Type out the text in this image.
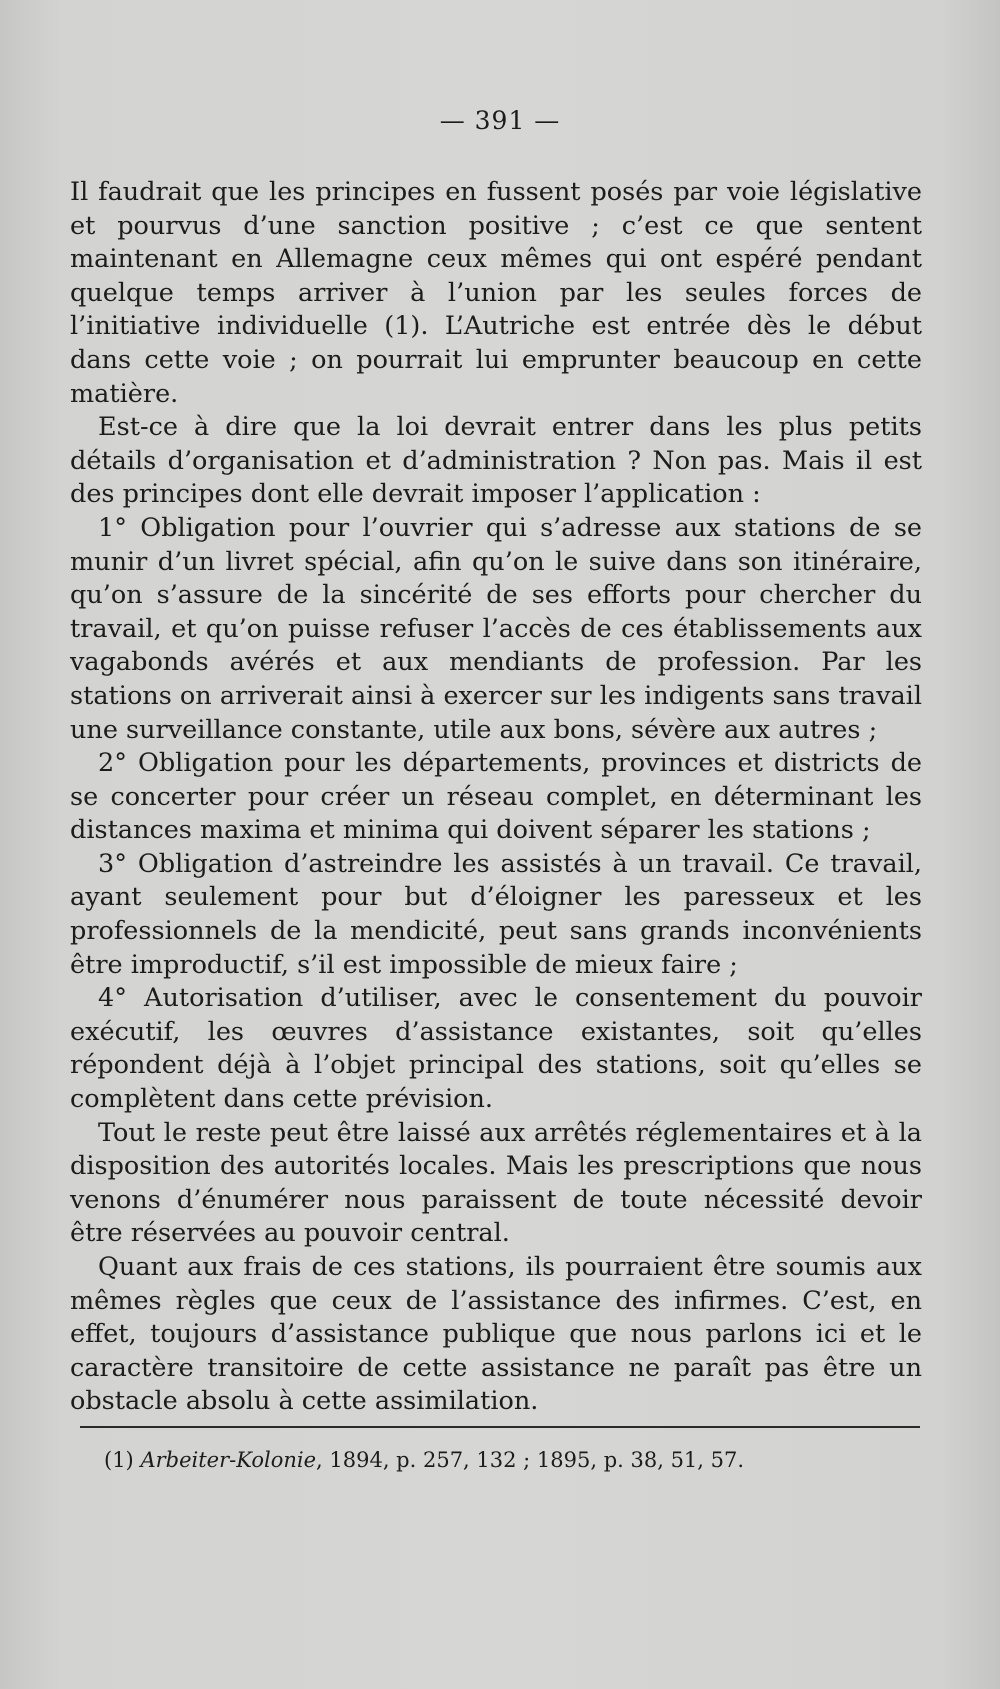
— 391 —

Il faudrait que les principes en fussent posés par voie législative et pourvus d’une sanction positive ; c’est ce que sentent maintenant en Allemagne ceux mêmes qui ont espéré pendant quelque temps arriver à l’union par les seules forces de l’initiative individuelle (1). L’Autriche est entrée dès le début dans cette voie ; on pourrait lui emprunter beaucoup en cette matière.

Est-ce à dire que la loi devrait entrer dans les plus petits détails d’organisation et d’administration ? Non pas. Mais il est des principes dont elle devrait imposer l’application :

1° Obligation pour l’ouvrier qui s’adresse aux stations de se munir d’un livret spécial, afin qu’on le suive dans son itinéraire, qu’on s’assure de la sincérité de ses efforts pour chercher du travail, et qu’on puisse refuser l’accès de ces établissements aux vagabonds avérés et aux mendiants de profession. Par les stations on arriverait ainsi à exercer sur les indigents sans travail une surveillance constante, utile aux bons, sévère aux autres ;

2° Obligation pour les départements, provinces et districts de se concerter pour créer un réseau complet, en déterminant les distances maxima et minima qui doivent séparer les stations ;

3° Obligation d’astreindre les assistés à un travail. Ce travail, ayant seulement pour but d’éloigner les paresseux et les professionnels de la mendicité, peut sans grands inconvénients être improductif, s’il est impossible de mieux faire ;

4° Autorisation d’utiliser, avec le consentement du pouvoir exécutif, les œuvres d’assistance existantes, soit qu’elles répondent déjà à l’objet principal des stations, soit qu’elles se complètent dans cette prévision.

Tout le reste peut être laissé aux arrêtés réglementaires et à la disposition des autorités locales. Mais les prescriptions que nous venons d’énumérer nous paraissent de toute nécessité devoir être réservées au pouvoir central.

Quant aux frais de ces stations, ils pourraient être soumis aux mêmes règles que ceux de l’assistance des infirmes. C’est, en effet, toujours d’assistance publique que nous parlons ici et le caractère transitoire de cette assistance ne paraît pas être un obstacle absolu à cette assimilation.

(1) Arbeiter-Kolonie, 1894, p. 257, 132 ; 1895, p. 38, 51, 57.
